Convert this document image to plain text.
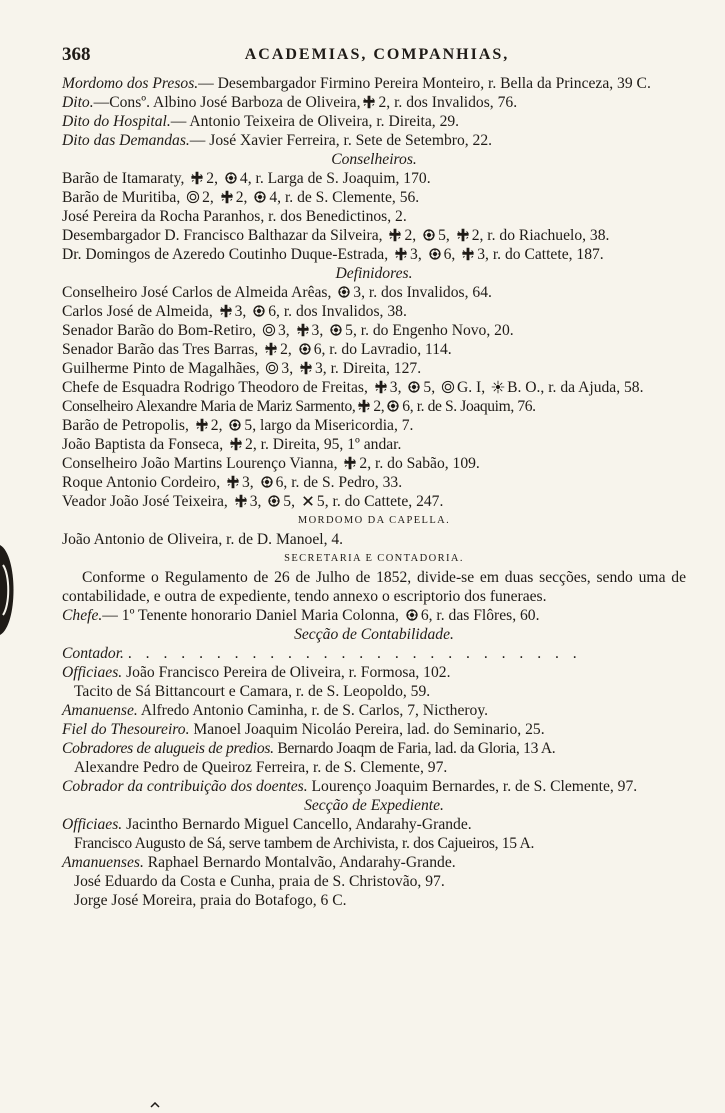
368	ACADEMIAS, COMPANHIAS,

Mordomo dos Presos.— Desembargador Firmino Pereira Monteiro, r. Bella da Princeza, 39 C.

Dito.—Consº. Albino José Barboza de Oliveira, 2, r. dos Invalidos, 76.

Dito do Hospital.— Antonio Teixeira de Oliveira, r. Direita, 29.

Dito das Demandas.— José Xavier Ferreira, r. Sete de Setembro, 22.

Conselheiros.

Barão de Itamaraty, 2, 4, r. Larga de S. Joaquim, 170.

Barão de Muritiba, 2, 2, 4, r. de S. Clemente, 56.

José Pereira da Rocha Paranhos, r. dos Benedictinos, 2.

Desembargador D. Francisco Balthazar da Silveira, 2, 5, 2, r. do Riachuelo, 38.

Dr. Domingos de Azeredo Coutinho Duque-Estrada, 3, 6, 3, r. do Cattete, 187.

Definidores.

Conselheiro José Carlos de Almeida Arêas, 3, r. dos Invalidos, 64.

Carlos José de Almeida, 3, 6, r. dos Invalidos, 38.

Senador Barão do Bom-Retiro, 3, 3, 5, r. do Engenho Novo, 20.

Senador Barão das Tres Barras, 2, 6, r. do Lavradio, 114.

Guilherme Pinto de Magalhães, 3, 3, r. Direita, 127.

Chefe de Esquadra Rodrigo Theodoro de Freitas, 3, 5, G. I, B. O., r. da Ajuda, 58.

Conselheiro Alexandre Maria de Mariz Sarmento, 2, 6, r. de S. Joaquim, 76.

Barão de Petropolis, 2, 5, largo da Misericordia, 7.

João Baptista da Fonseca, 2, r. Direita, 95, 1º andar.

Conselheiro João Martins Lourenço Vianna, 2, r. do Sabão, 109.

Roque Antonio Cordeiro, 3, 6, r. de S. Pedro, 33.

Veador João José Teixeira, 3, 5, 5, r. do Cattete, 247.

MORDOMO DA CAPELLA.

João Antonio de Oliveira, r. de D. Manoel, 4.

SECRETARIA E CONTADORIA.

Conforme o Regulamento de 26 de Julho de 1852, divide-se em duas secções, sendo uma de contabilidade, e outra de expediente, tendo annexo o escriptorio dos funeraes.

Chefe.— 1º Tenente honorario Daniel Maria Colonna, 6, r. das Flôres, 60.

Secção de Contabilidade.

Contador. . . . . . . . . . . . . . . . . . . . . . . . . . .

Officiaes. João Francisco Pereira de Oliveira, r. Formosa, 102.

Tacito de Sá Bittancourt e Camara, r. de S. Leopoldo, 59.

Amanuense. Alfredo Antonio Caminha, r. de S. Carlos, 7, Nictheroy.

Fiel do Thesoureiro. Manoel Joaquim Nicoláo Pereira, lad. do Seminario, 25.

Cobradores de alugueis de predios. Bernardo Joaqm de Faria, lad. da Gloria, 13 A.

Alexandre Pedro de Queiroz Ferreira, r. de S. Clemente, 97.

Cobrador da contribuição dos doentes. Lourenço Joaquim Bernardes, r. de S. Clemente, 97.

Secção de Expediente.

Officiaes. Jacintho Bernardo Miguel Cancello, Andarahy-Grande.

Francisco Augusto de Sá, serve tambem de Archivista, r. dos Cajueiros, 15 A.

Amanuenses. Raphael Bernardo Montalvão, Andarahy-Grande.

José Eduardo da Costa e Cunha, praia de S. Christovão, 97.

Jorge José Moreira, praia do Botafogo, 6 C.
